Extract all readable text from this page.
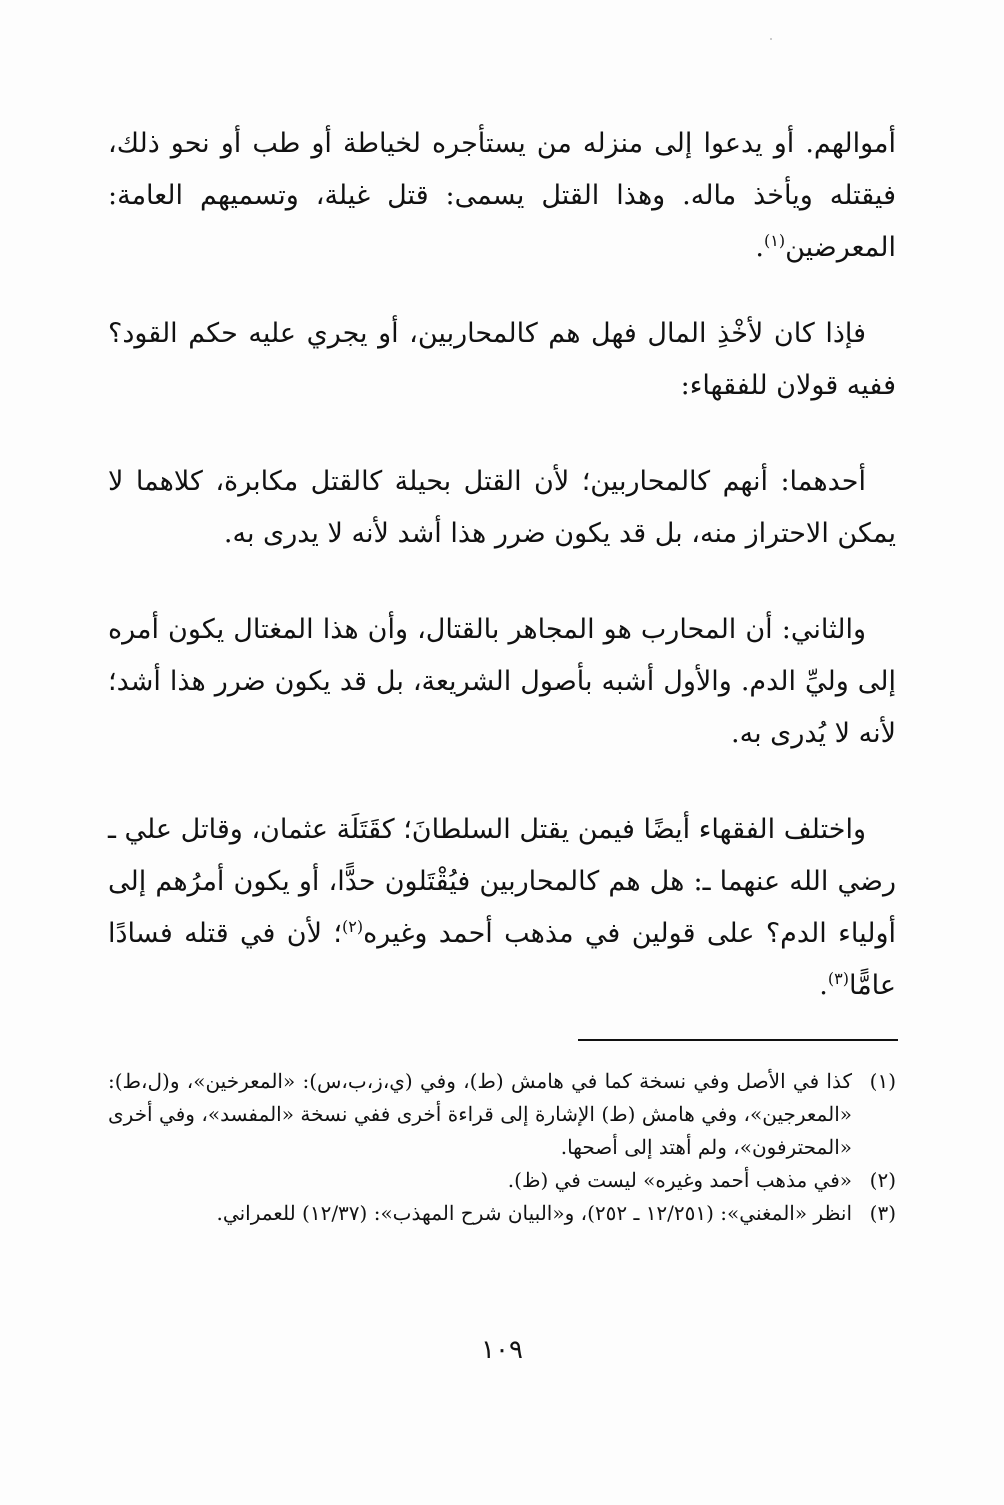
أموالهم. أو يدعوا إلى منزله من يستأجره لخياطة أو طب أو نحو ذلك، فيقتله ويأخذ ماله. وهذا القتل يسمى: قتل غيلة، وتسميهم العامة: المعرضين$^{(١)}$.

فإذا كان لأخْذِ المال فهل هم كالمحاربين، أو يجري عليه حكم القود؟ ففيه قولان للفقهاء:

أحدهما: أنهم كالمحاربين؛ لأن القتل بحيلة كالقتل مكابرة، كلاهما لا يمكن الاحتراز منه، بل قد يكون ضرر هذا أشد لأنه لا يدرى به.

والثاني: أن المحارب هو المجاهر بالقتال، وأن هذا المغتال يكون أمره إلى وليِّ الدم. والأول أشبه بأصول الشريعة، بل قد يكون ضرر هذا أشد؛ لأنه لا يُدرى به.

واختلف الفقهاء أيضًا فيمن يقتل السلطانَ؛ كقَتَلَة عثمان، وقاتل علي ـ رضي الله عنهما ـ: هل هم كالمحاربين فيُقْتَلون حدًّا، أو يكون أمرُهم إلى أولياء الدم؟ على قولين في مذهب أحمد وغيره$^{(٢)}$؛ لأن في قتله فسادًا عامًّا$^{(٣)}$.

(١)
كذا في الأصل وفي نسخة كما في هامش (ط)، وفي (ي،ز،ب،س): «المعرخين»، و(ل،ط): «المعرجين»، وفي هامش (ط) الإشارة إلى قراءة أخرى ففي نسخة «المفسد»، وفي أخرى «المحترفون»، ولم أهتد إلى أصحها.
(٢)
«في مذهب أحمد وغيره» ليست في (ظ).
(٣)
انظر «المغني»: (١٢/٢٥١ ـ ٢٥٢)، و«البيان شرح المهذب»: (١٢/٣٧) للعمراني.
١٠٩
